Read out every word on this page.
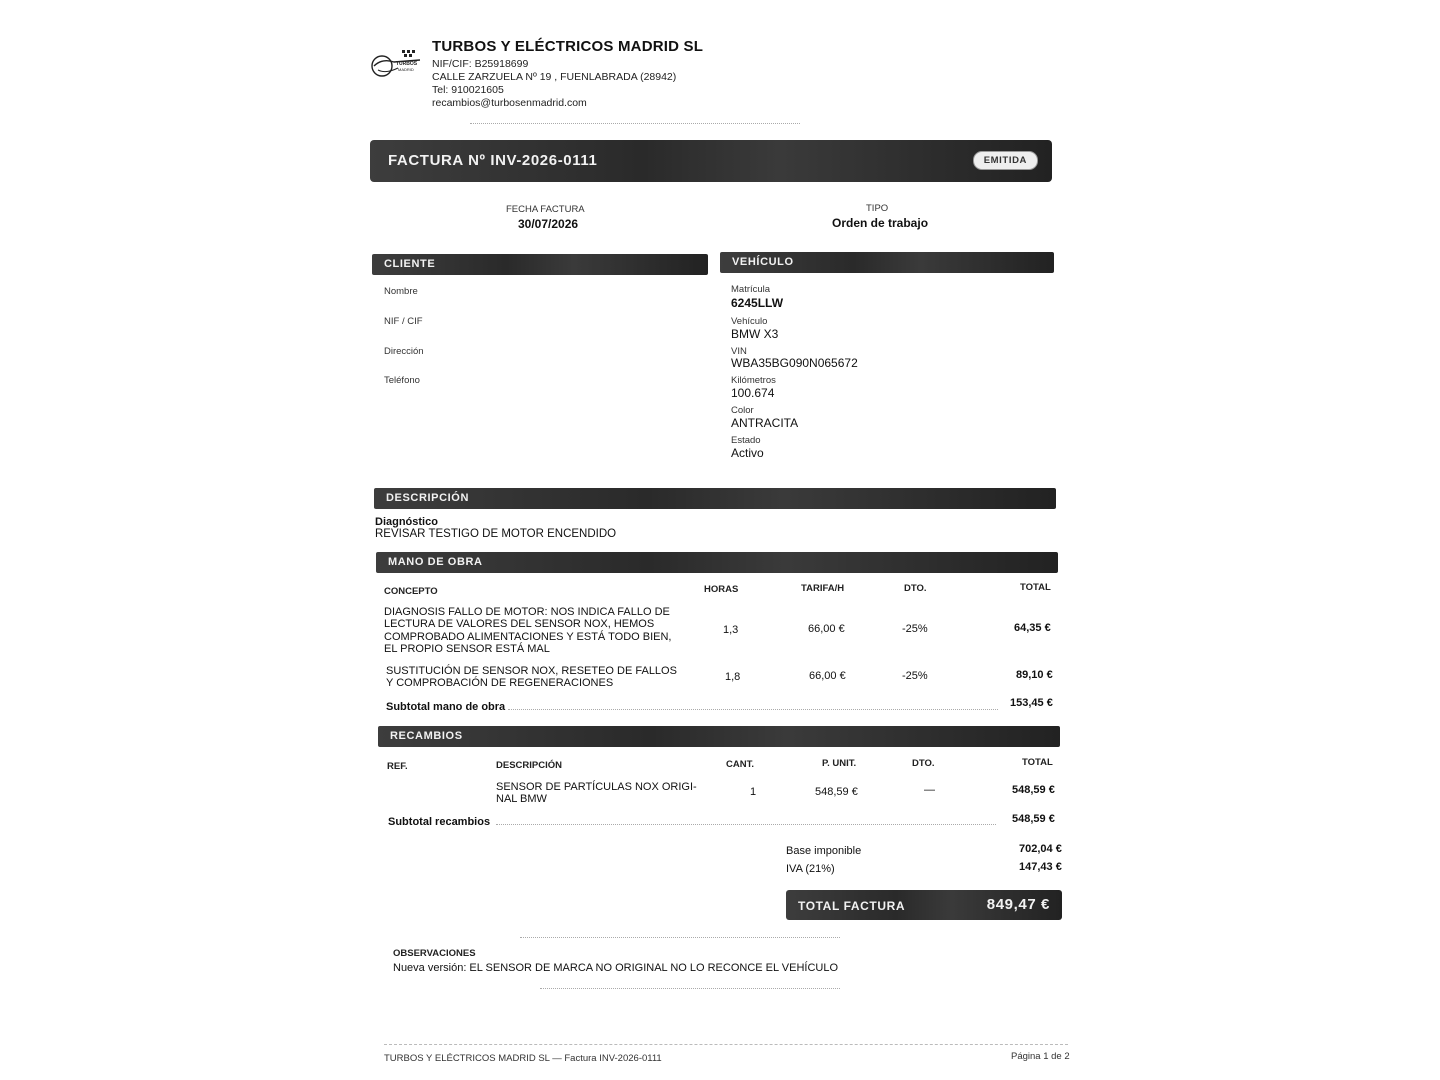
TURBOS
MADRID
TURBOS Y ELÉCTRICOS MADRID SL
NIF/CIF: B25918699
CALLE ZARZUELA Nº 19 , FUENLABRADA (28942)
Tel: 910021605
recambios@turbosenmadrid.com
FACTURA Nº INV-2026-0111	EMITIDA
FECHA FACTURA
30/07/2026
TIPO
Orden de trabajo
CLIENTE
Nombre
NIF / CIF
Dirección
Teléfono
VEHÍCULO
Matrícula
6245LLW
Vehículo
BMW X3
VIN
WBA35BG090N065672
Kilómetros
100.674
Color
ANTRACITA
Estado
Activo
DESCRIPCIÓN
Diagnóstico
REVISAR TESTIGO DE MOTOR ENCENDIDO
MANO DE OBRA
CONCEPTO	HORAS	TARIFA/H	DTO.	TOTAL
DIAGNOSIS FALLO DE MOTOR: NOS INDICA FALLO DE
LECTURA DE VALORES DEL SENSOR NOX, HEMOS
COMPROBADO ALIMENTACIONES Y ESTÁ TODO BIEN,
EL PROPIO SENSOR ESTÁ MAL
1,3	66,00 €	-25%	64,35 €
SUSTITUCIÓN DE SENSOR NOX, RESETEO DE FALLOS
Y COMPROBACIÓN DE REGENERACIONES
1,8	66,00 €	-25%	89,10 €
Subtotal mano de obra	153,45 €
RECAMBIOS
REF.	DESCRIPCIÓN	CANT.	P. UNIT.	DTO.	TOTAL
SENSOR DE PARTÍCULAS NOX ORIGI-
NAL BMW
1	548,59 €	—	548,59 €
Subtotal recambios	548,59 €
Base imponible	702,04 €
IVA (21%)	147,43 €
TOTAL FACTURA	849,47 €
OBSERVACIONES
Nueva versión: EL SENSOR DE MARCA NO ORIGINAL NO LO RECONCE EL VEHÍCULO
TURBOS Y ELÉCTRICOS MADRID SL — Factura INV-2026-0111	Página 1 de 2
